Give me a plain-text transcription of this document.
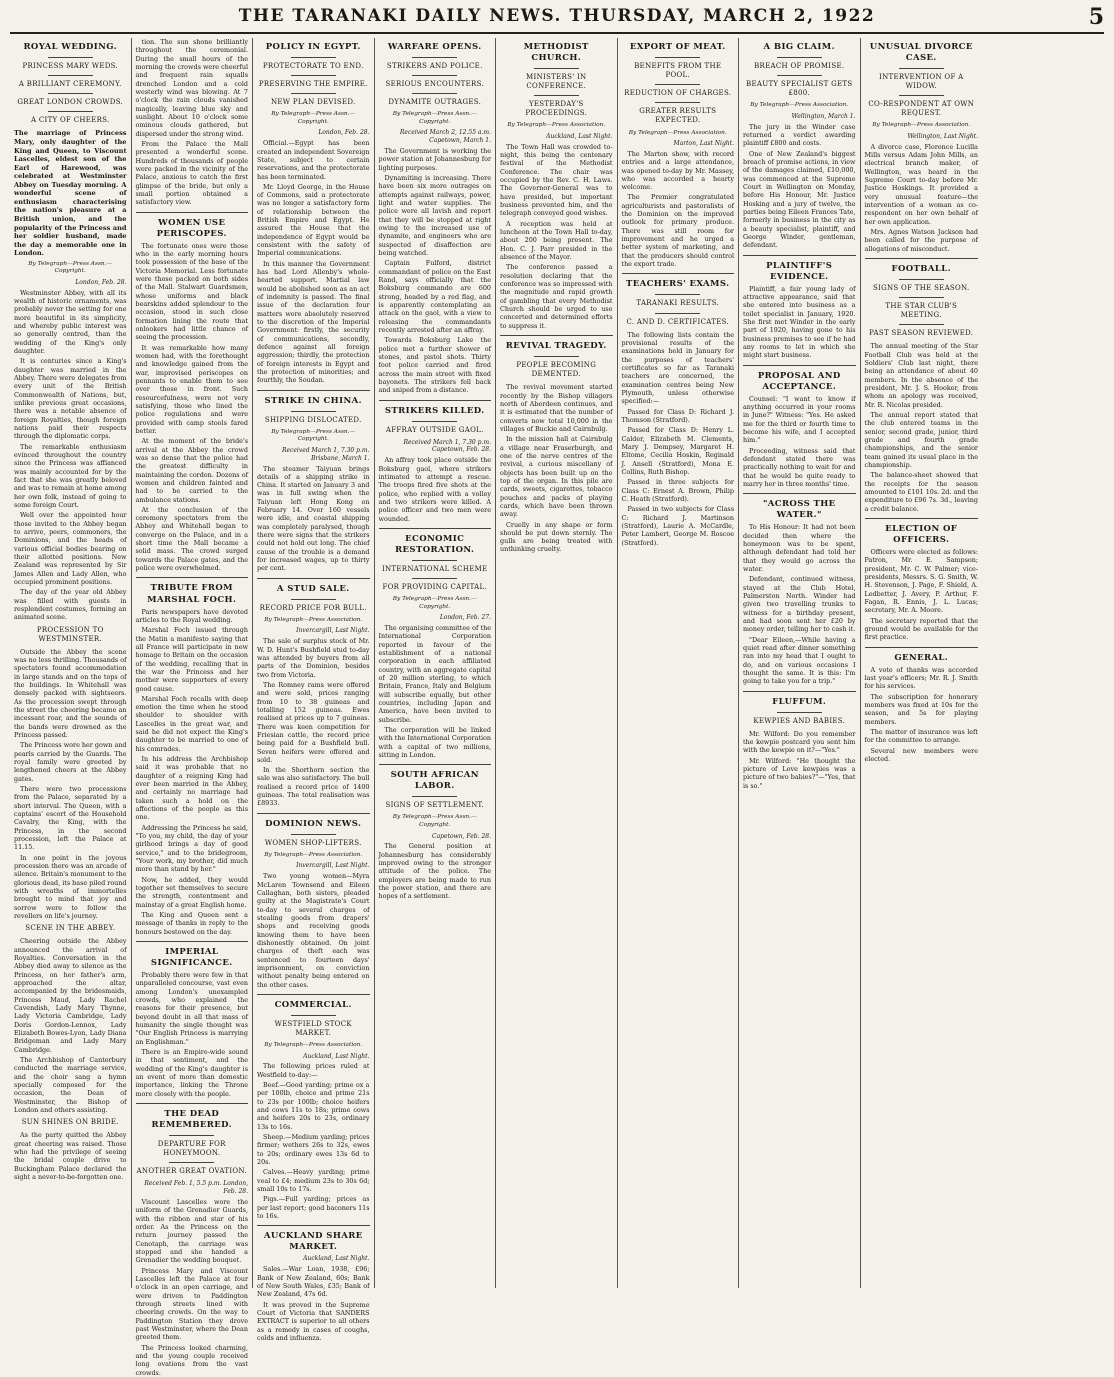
THE TARANAKI DAILY NEWS. THURSDAY, MARCH 2, 1922	5
ROYAL WEDDING.
PRINCESS MARY WEDS.
A BRILLIANT CEREMONY.
GREAT LONDON CROWDS.
A CITY OF CHEERS.
The marriage of Princess Mary, only daughter of the King and Queen, to Viscount Lascelles, eldest son of the Earl of Harewood, was celebrated at Westminster Abbey on Tuesday morning. A wonderful scene of enthusiasm characterising the nation's pleasure at a British union, and the popularity of the Princess and her soldier husband, made the day a memorable one in London.
By Telegraph—Press Assn.—Copyright.
London, Feb. 28.

Westminster Abbey, with all its wealth of historic ornaments, was probably never the setting for one more beautiful in its simplicity, and whereby public interest was so generally centred, than the wedding of the King's only daughter.

It is centuries since a King's daughter was married in the Abbey. There were delegates from every unit of the British Commonwealth of Nations, but, unlike previous great occasions, there was a notable absence of foreign Royalties, though foreign nations paid their respects through the diplomatic corps.

The remarkable enthusiasm evinced throughout the country since the Princess was affianced was mainly accounted for by the fact that she was greatly beloved and was to remain at home among her own folk, instead of going to some foreign Court.

Well over the appointed hour those invited to the Abbey began to arrive, peers, commoners, the Dominions, and the heads of various official bodies bearing on their allotted positions. New Zealand was represented by Sir James Allen and Lady Allen, who occupied prominent positions.

The day of the year old Abbey was filled with guests in resplendent costumes, forming an animated scene.

PROCESSION TO WESTMINSTER.

Outside the Abbey the scene was no less thrilling. Thousands of spectators found accommodation in large stands and on the tops of the buildings. In Whitehall was densely packed with sightseers. As the procession swept through the street the cheering became an incessant roar, and the sounds of the bands were drowned as the Princess passed.

The Princess wore her gown and pearls carried by the Guards. The royal family were greeted by lengthened cheers at the Abbey gates.

There were two processions from the Palace, separated by a short interval. The Queen, with a captains' escort of the Household Cavalry, the King, with the Princess, in the second procession, left the Palace at 11.15.

In one point in the joyous procession there was an arcade of silence. Britain's monument to the glorious dead, its base piled round with wreaths of immortelles brought to mind that joy and sorrow were to follow the revellers on life's journey.

SCENE IN THE ABBEY.

Cheering outside the Abbey announced the arrival of Royalties. Conversation in the Abbey died away to silence as the Princess, on her father's arm, approached the altar, accompanied by the bridesmaids, Princess Maud, Lady Rachel Cavendish, Lady Mary Thynne, Lady Victoria Cambridge, Lady Doris Gordon-Lennox, Lady Elizabeth Bowes-Lyon, Lady Diana Bridgeman and Lady Mary Cambridge.

The Archbishop of Canterbury conducted the marriage service, and the choir sang a hymn specially composed for the occasion, the Dean of Westminster, the Bishop of London and others assisting.

SUN SHINES ON BRIDE.

As the party quitted the Abbey great cheering was raised. Those who had the privilege of seeing the bridal couple drive to Buckingham Palace declared the sight a never-to-be-forgotten one.

tion. The sun shone brilliantly throughout the ceremonial. During the small hours of the morning the crowds were cheerful and frequent rain squalls drenched London and a cold westerly wind was blowing. At 7 o'clock the rain clouds vanished magically, leaving blue sky and sunlight. About 10 o'clock some ominous clouds gathered, but dispersed under the strong wind.

From the Palace the Mall presented a wonderful scene. Hundreds of thousands of people were packed in the vicinity of the Palace, anxious to catch the first glimpse of the bride, but only a small portion obtained a satisfactory view.

WOMEN USE PERISCOPES.

The fortunate ones were those who in the early morning hours took possession of the base of the Victoria Memorial. Less fortunate were those packed on both sides of the Mall. Stalwart Guardsmen, whose uniforms and black bearskins added splendour to the occasion, stood in such close formation lining the route that onlookers had little chance of seeing the procession.

It was remarkable how many women had, with the forethought and knowledge gained from the war, improvised periscopes on pennants to enable them to see over those in front. Such resourcefulness, were not very satisfying, those who lined the police regulations and were provided with camp stools fared better.

At the moment of the bride's arrival at the Abbey the crowd was so dense that the police had the greatest difficulty in maintaining the cordon. Dozens of women and children fainted and had to be carried to the ambulance stations.

At the conclusion of the ceremony spectators from the Abbey and Whitehall began to converge on the Palace, and in a short time the Mall became a solid mass. The crowd surged towards the Palace gates, and the police were overwhelmed.

TRIBUTE FROM MARSHAL FOCH.

Paris newspapers have devoted articles to the Royal wedding.

Marshal Foch issued through the Matin a manifesto saying that all France will participate in new homage to Britain on the occasion of the wedding, recalling that in the war the Princess and her mother were supporters of every good cause.

Marshal Foch recalls with deep emotion the time when he stood shoulder to shoulder with Lascelles in the great war, and said he did not expect the King's daughter to be married to one of his comrades.

In his address the Archbishop said it was probable that no daughter of a reigning King had ever been married in the Abbey, and certainly no marriage had taken such a hold on the affections of the people as this one.

Addressing the Princess he said, "To you, my child, the day of your girlhood brings a day of good service," and to the bridegroom, "Your work, my brother, did much more than stand by her."

Now, he added, they would together set themselves to secure the strength, contentment and mainstay of a great English home.

The King and Queen sent a message of thanks in reply to the honours bestowed on the day.

IMPERIAL SIGNIFICANCE.

Probably there were few in that unparalleled concourse, vast even among London's unexampled crowds, who explained the reasons for their presence, but beyond doubt in all that mass of humanity the single thought was "Our English Princess is marrying an Englishman."

There is an Empire-wide sound in that sentiment, and the wedding of the King's daughter is an event of more than domestic importance, linking the Throne more closely with the people.

THE DEAD REMEMBERED.
DEPARTURE FOR HONEYMOON.
ANOTHER GREAT OVATION.
Received Feb. 1, 5.5 p.m. London, Feb. 28.

Viscount Lascelles wore the uniform of the Grenadier Guards, with the ribbon and star of his order. As the Princess on the return journey passed the Cenotaph, the carriage was stopped and she handed a Grenadier the wedding bouquet.

Princess Mary and Viscount Lascelles left the Palace at four o'clock in an open carriage, and were driven to Paddington through streets lined with cheering crowds. On the way to Paddington Station they drove past Westminster, where the Dean greeted them.

The Princess looked charming, and the young couple received long ovations from the vast crowds.

POLICY IN EGYPT.
PROTECTORATE TO END.
PRESERVING THE EMPIRE.
NEW PLAN DEVISED.
By Telegraph—Press Assn.—Copyright.
London, Feb. 28.

Official.—Egypt has been created an independent Sovereign State, subject to certain reservations, and the protectorate has been terminated.

Mr. Lloyd George, in the House of Commons, said a protectorate was no longer a satisfactory form of relationship between the British Empire and Egypt. He assured the House that the independence of Egypt would be consistent with the safety of Imperial communications.

In this manner the Government has had Lord Allenby's whole-hearted support. Martial law would be abolished soon as an act of indemnity is passed. The final issue of the declaration four matters were absolutely reserved to the discretion of the Imperial Government: firstly, the security of communications, secondly, defence against all foreign aggression; thirdly, the protection of foreign interests in Egypt and the protection of minorities; and fourthly, the Soudan.

STRIKE IN CHINA.
SHIPPING DISLOCATED.
By Telegraph—Press Assn.—Copyright.
Received March 1, 7.30 p.m. Brisbane, March 1.

The steamer Taiyuan brings details of a shipping strike in China. It started on January 3 and was in full swing when the Taiyuan left Hong Kong on February 14. Over 160 vessels were idle, and coastal shipping was completely paralysed, though there were signs that the strikers could not hold out long. The chief cause of the trouble is a demand for increased wages, up to thirty per cent.

A STUD SALE.
RECORD PRICE FOR BULL.
By Telegraph—Press Association.
Invercargill, Last Night.

The sale of surplus stock of Mr. W. D. Hunt's Bushfield stud to-day was attended by buyers from all parts of the Dominion, besides two from Victoria.

The Romney rams were offered and were sold, prices ranging from 10 to 38 guineas and totalling 152 guineas. Ewes realised at prices up to 7 guineas. There was keen competition for Friesian cattle, the record price being paid for a Bushfield bull. Seven heifers were offered and sold.

In the Shorthorn section the sale was also satisfactory. The bull realised a record price of 1400 guineas. The total realisation was £8933.

DOMINION NEWS.
WOMEN SHOP-LIFTERS.
By Telegraph—Press Association.
Invercargill, Last Night.

Two young women—Myra McLaren Townsend and Eileen Callaghan, both sisters, pleaded guilty at the Magistrate's Court to-day to several charges of stealing goods from drapers' shops and receiving goods knowing them to have been dishonestly obtained. On joint charges of theft each was sentenced to fourteen days' imprisonment, on conviction without penalty being entered on the other cases.

COMMERCIAL.
WESTFIELD STOCK MARKET.
By Telegraph—Press Association.
Auckland, Last Night.

The following prices ruled at Westfield to-day:—

Beef.—Good yarding; prime ox a per 100lb, choice and prime 21s to 23s per 100lb; choice heifers and cows 11s to 18s; prime cows and heifers 20s to 23s, ordinary 13s to 16s.

Sheep.—Medium yarding; prices firmer; wethers 26s to 32s, ewes to 20s; ordinary ewes 13s 6d to 20s.

Calves.—Heavy yarding; prime veal to £4; medium 23s to 30s 6d; small 10s to 17s.

Pigs.—Full yarding; prices as per last report; good baconers 11s to 16s.

AUCKLAND SHARE MARKET.
Auckland, Last Night.

Sales.—War Loan, 1938, £96; Bank of New Zealand, 60s; Bank of New South Wales, £35; Bank of New Zealand, 47s 6d.

It was proved in the Supreme Court of Victoria that SANDERS EXTRACT is superior to all others as a remedy in cases of coughs, colds and influenza.

WARFARE OPENS.
STRIKERS AND POLICE.
SERIOUS ENCOUNTERS.
DYNAMITE OUTRAGES.
By Telegraph—Press Assn.—Copyright.
Received March 2, 12.55 a.m. Capetown, March 1.

The Government is working the power station at Johannesburg for lighting purposes.

Dynamiting is increasing. There have been six more outrages on attempts against railways, power, light and water supplies. The police were all lavish and report that they will be stopped at right owing to the increased use of dynamite, and engineers who are suspected of disaffection are being watched.

Captain Fulford, district commandant of police on the East Rand, says officially that the Boksburg commando are 600 strong, headed by a red flag, and is apparently contemplating an attack on the gaol, with a view to releasing the commandants recently arrested after an affray.

Towards Boksburg Lake the police met a further shower of stones, and pistol shots. Thirty foot police carried and fired across the main street with fixed bayonets. The strikers fell back and sniped from a distance.

STRIKERS KILLED.
AFFRAY OUTSIDE GAOL.
Received March 1, 7.30 p.m. Capetown, Feb. 28.

An affray took place outside the Boksburg gaol, where strikers intimated to attempt a rescue. The troops fired five shots at the police, who replied with a volley and two strikers were killed. A police officer and two men were wounded.

ECONOMIC RESTORATION.
INTERNATIONAL SCHEME
FOR PROVIDING CAPITAL.
By Telegraph—Press Assn.—Copyright.
London, Feb. 27.

The organising committee of the International Corporation reported in favour of the establishment of a national corporation in each affiliated country, with an aggregate capital of 20 million sterling, to which Britain, France, Italy and Belgium will subscribe equally, but other countries, including Japan and America, have been invited to subscribe.

The corporation will be linked with the International Corporation with a capital of two millions, sitting in London.

SOUTH AFRICAN LABOR.
SIGNS OF SETTLEMENT.
By Telegraph—Press Assn.—Copyright.
Capetown, Feb. 28.

The General position at Johannesburg has considerably improved owing to the stronger attitude of the police. The employers are being made to run the power station, and there are hopes of a settlement.

METHODIST CHURCH.
MINISTERS' IN CONFERENCE.
YESTERDAY'S PROCEEDINGS.
By Telegraph—Press Association.
Auckland, Last Night.

The Town Hall was crowded to-night, this being the centenary festival of the Methodist Conference. The chair was occupied by the Rev. C. H. Laws. The Governor-General was to have presided, but important business prevented him, and the telegraph conveyed good wishes.

A reception was held at luncheon at the Town Hall to-day, about 200 being present. The Hon. C. J. Parr presided in the absence of the Mayor.

The conference passed a resolution declaring that the conference was so impressed with the magnitude and rapid growth of gambling that every Methodist Church should be urged to use concerted and determined efforts to suppress it.

REVIVAL TRAGEDY.
PEOPLE BECOMING DEMENTED.

The revival movement started recently by the Bishop villagers north of Aberdeen continues, and it is estimated that the number of converts now total 10,000 in the villages of Buckie and Cairnbulg.

In the mission hall at Cairnbulg a village near Fraserburgh, and one of the nerve centres of the revival, a curious miscellany of objects has been built up on the top of the organ. In this pile are cards, sweets, cigarettes, tobacco pouches and packs of playing cards, which have been thrown away.

Cruelly in any shape or form should be put down sternly. The gulls are being treated with unthinking cruelty.

EXPORT OF MEAT.
BENEFITS FROM THE POOL.
REDUCTION OF CHARGES.
GREATER RESULTS EXPECTED.
By Telegraph—Press Association.
Marton, Last Night.

The Marton show, with record entries and a large attendance, was opened to-day by Mr. Massey, who was accorded a hearty welcome.

The Premier congratulated agriculturists and pastoralists of the Dominion on the improved outlook for primary produce. There was still room for improvement and he urged a better system of marketing, and that the producers should control the export trade.

TEACHERS' EXAMS.
TARANAKI RESULTS.
C. AND D. CERTIFICATES.

The following lists contain the provisional results of the examinations held in January for the purposes of teachers' certificates so far as Taranaki teachers are concerned, the examination centres being New Plymouth, unless otherwise specified:—

Passed for Class D: Richard J. Thomson (Stratford).

Passed for Class D: Henry L. Calder, Elizabeth M. Clements, Mary J. Dempsey, Margaret H. Eltome, Cecilia Hoskin, Reginald J. Ansell (Stratford), Mona E. Collins, Ruth Bishop.

Passed in three subjects for Class C: Ernest A. Brown, Philip C. Heath (Stratford).

Passed in two subjects for Class C: Richard J. Martinson (Stratford), Laurie A. McCardle, Peter Lambert, George M. Roscoe (Stratford).

A BIG CLAIM.
BREACH OF PROMISE.
BEAUTY SPECIALIST GETS £800.
By Telegraph—Press Association.
Wellington, March 1.

The jury in the Winder case returned a verdict awarding plaintiff £800 and costs.

One of New Zealand's biggest breach of promise actions, in view of the damages claimed, £10,000, was commenced at the Supreme Court in Wellington on Monday, before His Honour, Mr. Justice Hosking and a jury of twelve, the parties being Eileen Frances Tate, formerly in business in the city as a beauty specialist, plaintiff, and George Winder, gentleman, defendant.

PLAINTIFF'S EVIDENCE.

Plaintiff, a fair young lady of attractive appearance, said that she entered into business as a toilet specialist in January, 1920. She first met Winder in the early part of 1920, having gone to his business premises to see if he had any rooms to let in which she might start business.

PROPOSAL AND ACCEPTANCE.

Counsel: "I want to know if anything occurred in your rooms in June?" Witness: "Yes. He asked me for the third or fourth time to become his wife, and I accepted him."

Proceeding, witness said that defendant stated there was practically nothing to wait for and that he would be quite ready to marry her in three months' time.

"ACROSS THE WATER."

To His Honour: It had not been decided then where the honeymoon was to be spent, although defendant had told her that they would go across the water.

Defendant, continued witness, stayed at the Club Hotel, Palmerston North. Winder had given two travelling trunks to witness for a birthday present, and had soon sent her £20 by money order, telling her to cash it.

"Dear Eileen,—While having a quiet read after dinner something ran into my head that I ought to do, and on various occasions I thought the same. It is this: I'm going to take you for a trip."

FLUFFUM.
KEWPIES AND BABIES.

Mr. Wilford: Do you remember the kewpie postcard you sent him with the kewpie on it?—"Yes."

Mr. Wilford: "He thought the picture of Love kewpies was a picture of two babies?"—"Yes, that is so."

UNUSUAL DIVORCE CASE.
INTERVENTION OF A WIDOW.
CO-RESPONDENT AT OWN REQUEST.
By Telegraph—Press Association.
Wellington, Last Night.

A divorce case, Florence Lucilla Mills versus Adam John Mills, an electrical branch maker, of Wellington, was heard in the Supreme Court to-day before Mr. Justice Hoskings. It provided a very unusual feature—the intervention of a woman as co-respondent on her own behalf of her own application.

Mrs. Agnes Watson Jackson had been called for the purpose of allegations of misconduct.

FOOTBALL.
SIGNS OF THE SEASON.
THE STAR CLUB'S MEETING.
PAST SEASON REVIEWED.

The annual meeting of the Star Football Club was held at the Soldiers' Club last night, there being an attendance of about 40 members. In the absence of the president, Mr. J. S. Hooker, from whom an apology was received, Mr. R. Nicolas presided.

The annual report stated that the club entered teams in the senior, second grade, junior, third grade and fourth grade championships, and the senior team gained its usual place in the championship.

The balance-sheet showed that the receipts for the season amounted to £101 10s. 2d. and the expenditure to £96 7s. 3d., leaving a credit balance.

ELECTION OF OFFICERS.

Officers were elected as follows: Patron, Mr. E. Sampson; president, Mr. C. W. Palmer; vice-presidents, Messrs. S. G. Smith, W. H. Stevenson, J. Page, F. Shield, A. Ledbetter, J. Avery, P. Arthur, F. Fagan, R. Ennis, J. L. Lucas; secretary, Mr. A. Moore.

The secretary reported that the ground would be available for the first practice.

GENERAL.

A vote of thanks was accorded last year's officers; Mr. R. J. Smith for his services.

The subscription for honorary members was fixed at 10s for the season, and 5s for playing members.

The matter of insurance was left for the committee to arrange.

Several new members were elected.
